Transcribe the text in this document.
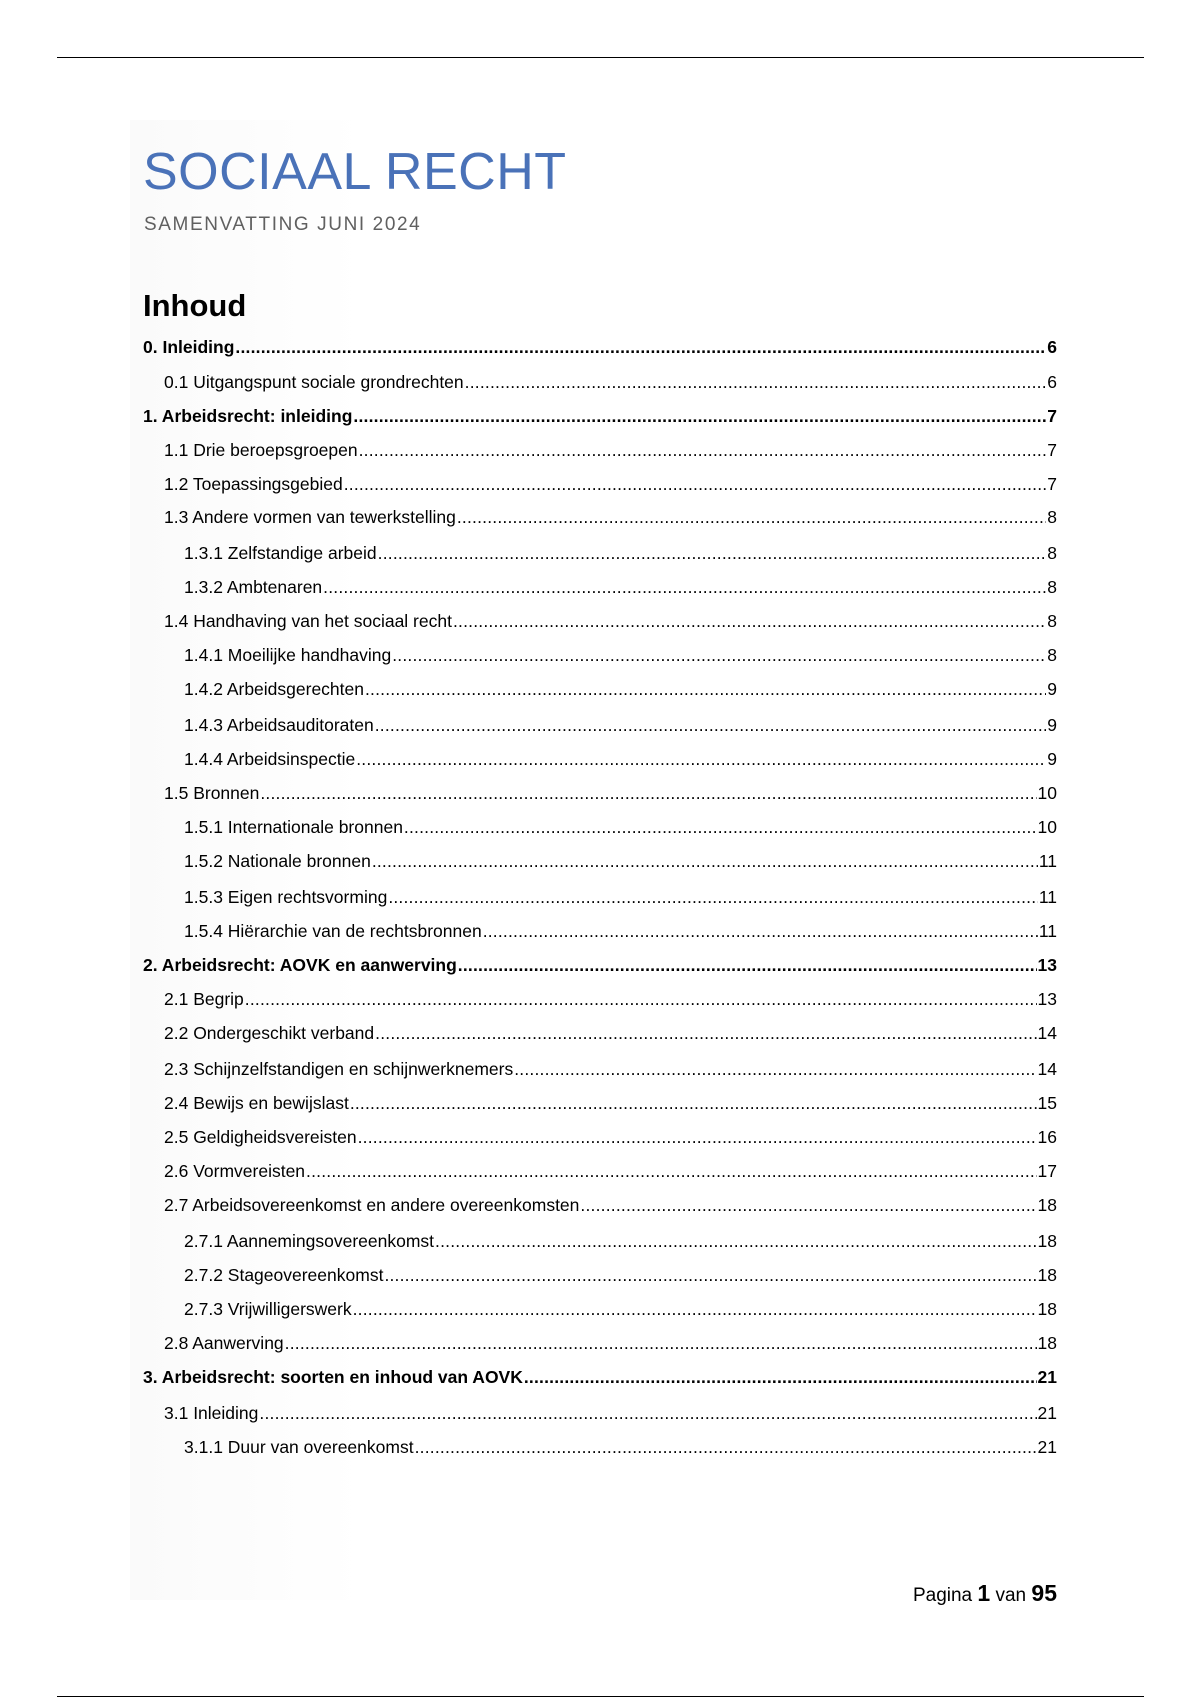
SOCIAAL RECHT
SAMENVATTING JUNI 2024
Inhoud
0. Inleiding .....	6
0.1 Uitgangspunt sociale grondrechten .....	6
1. Arbeidsrecht: inleiding .....	7
1.1 Drie beroepsgroepen .....	7
1.2 Toepassingsgebied .....	7
1.3 Andere vormen van tewerkstelling .....	8
1.3.1 Zelfstandige arbeid .....	8
1.3.2 Ambtenaren .....	8
1.4 Handhaving van het sociaal recht .....	8
1.4.1 Moeilijke handhaving .....	8
1.4.2 Arbeidsgerechten .....	9
1.4.3 Arbeidsauditoraten .....	9
1.4.4 Arbeidsinspectie .....	9
1.5 Bronnen .....	10
1.5.1 Internationale bronnen .....	10
1.5.2 Nationale bronnen .....	11
1.5.3 Eigen rechtsvorming .....	11
1.5.4 Hiërarchie van de rechtsbronnen .....	11
2. Arbeidsrecht: AOVK en aanwerving .....	13
2.1 Begrip .....	13
2.2 Ondergeschikt verband .....	14
2.3 Schijnzelfstandigen en schijnwerknemers .....	14
2.4 Bewijs en bewijslast .....	15
2.5 Geldigheidsvereisten .....	16
2.6 Vormvereisten .....	17
2.7 Arbeidsovereenkomst en andere overeenkomsten .....	18
2.7.1 Aannemingsovereenkomst .....	18
2.7.2 Stageovereenkomst .....	18
2.7.3 Vrijwilligerswerk .....	18
2.8 Aanwerving .....	18
3. Arbeidsrecht: soorten en inhoud van AOVK .....	21
3.1 Inleiding .....	21
3.1.1 Duur van overeenkomst .....	21
Pagina 1 van 95
